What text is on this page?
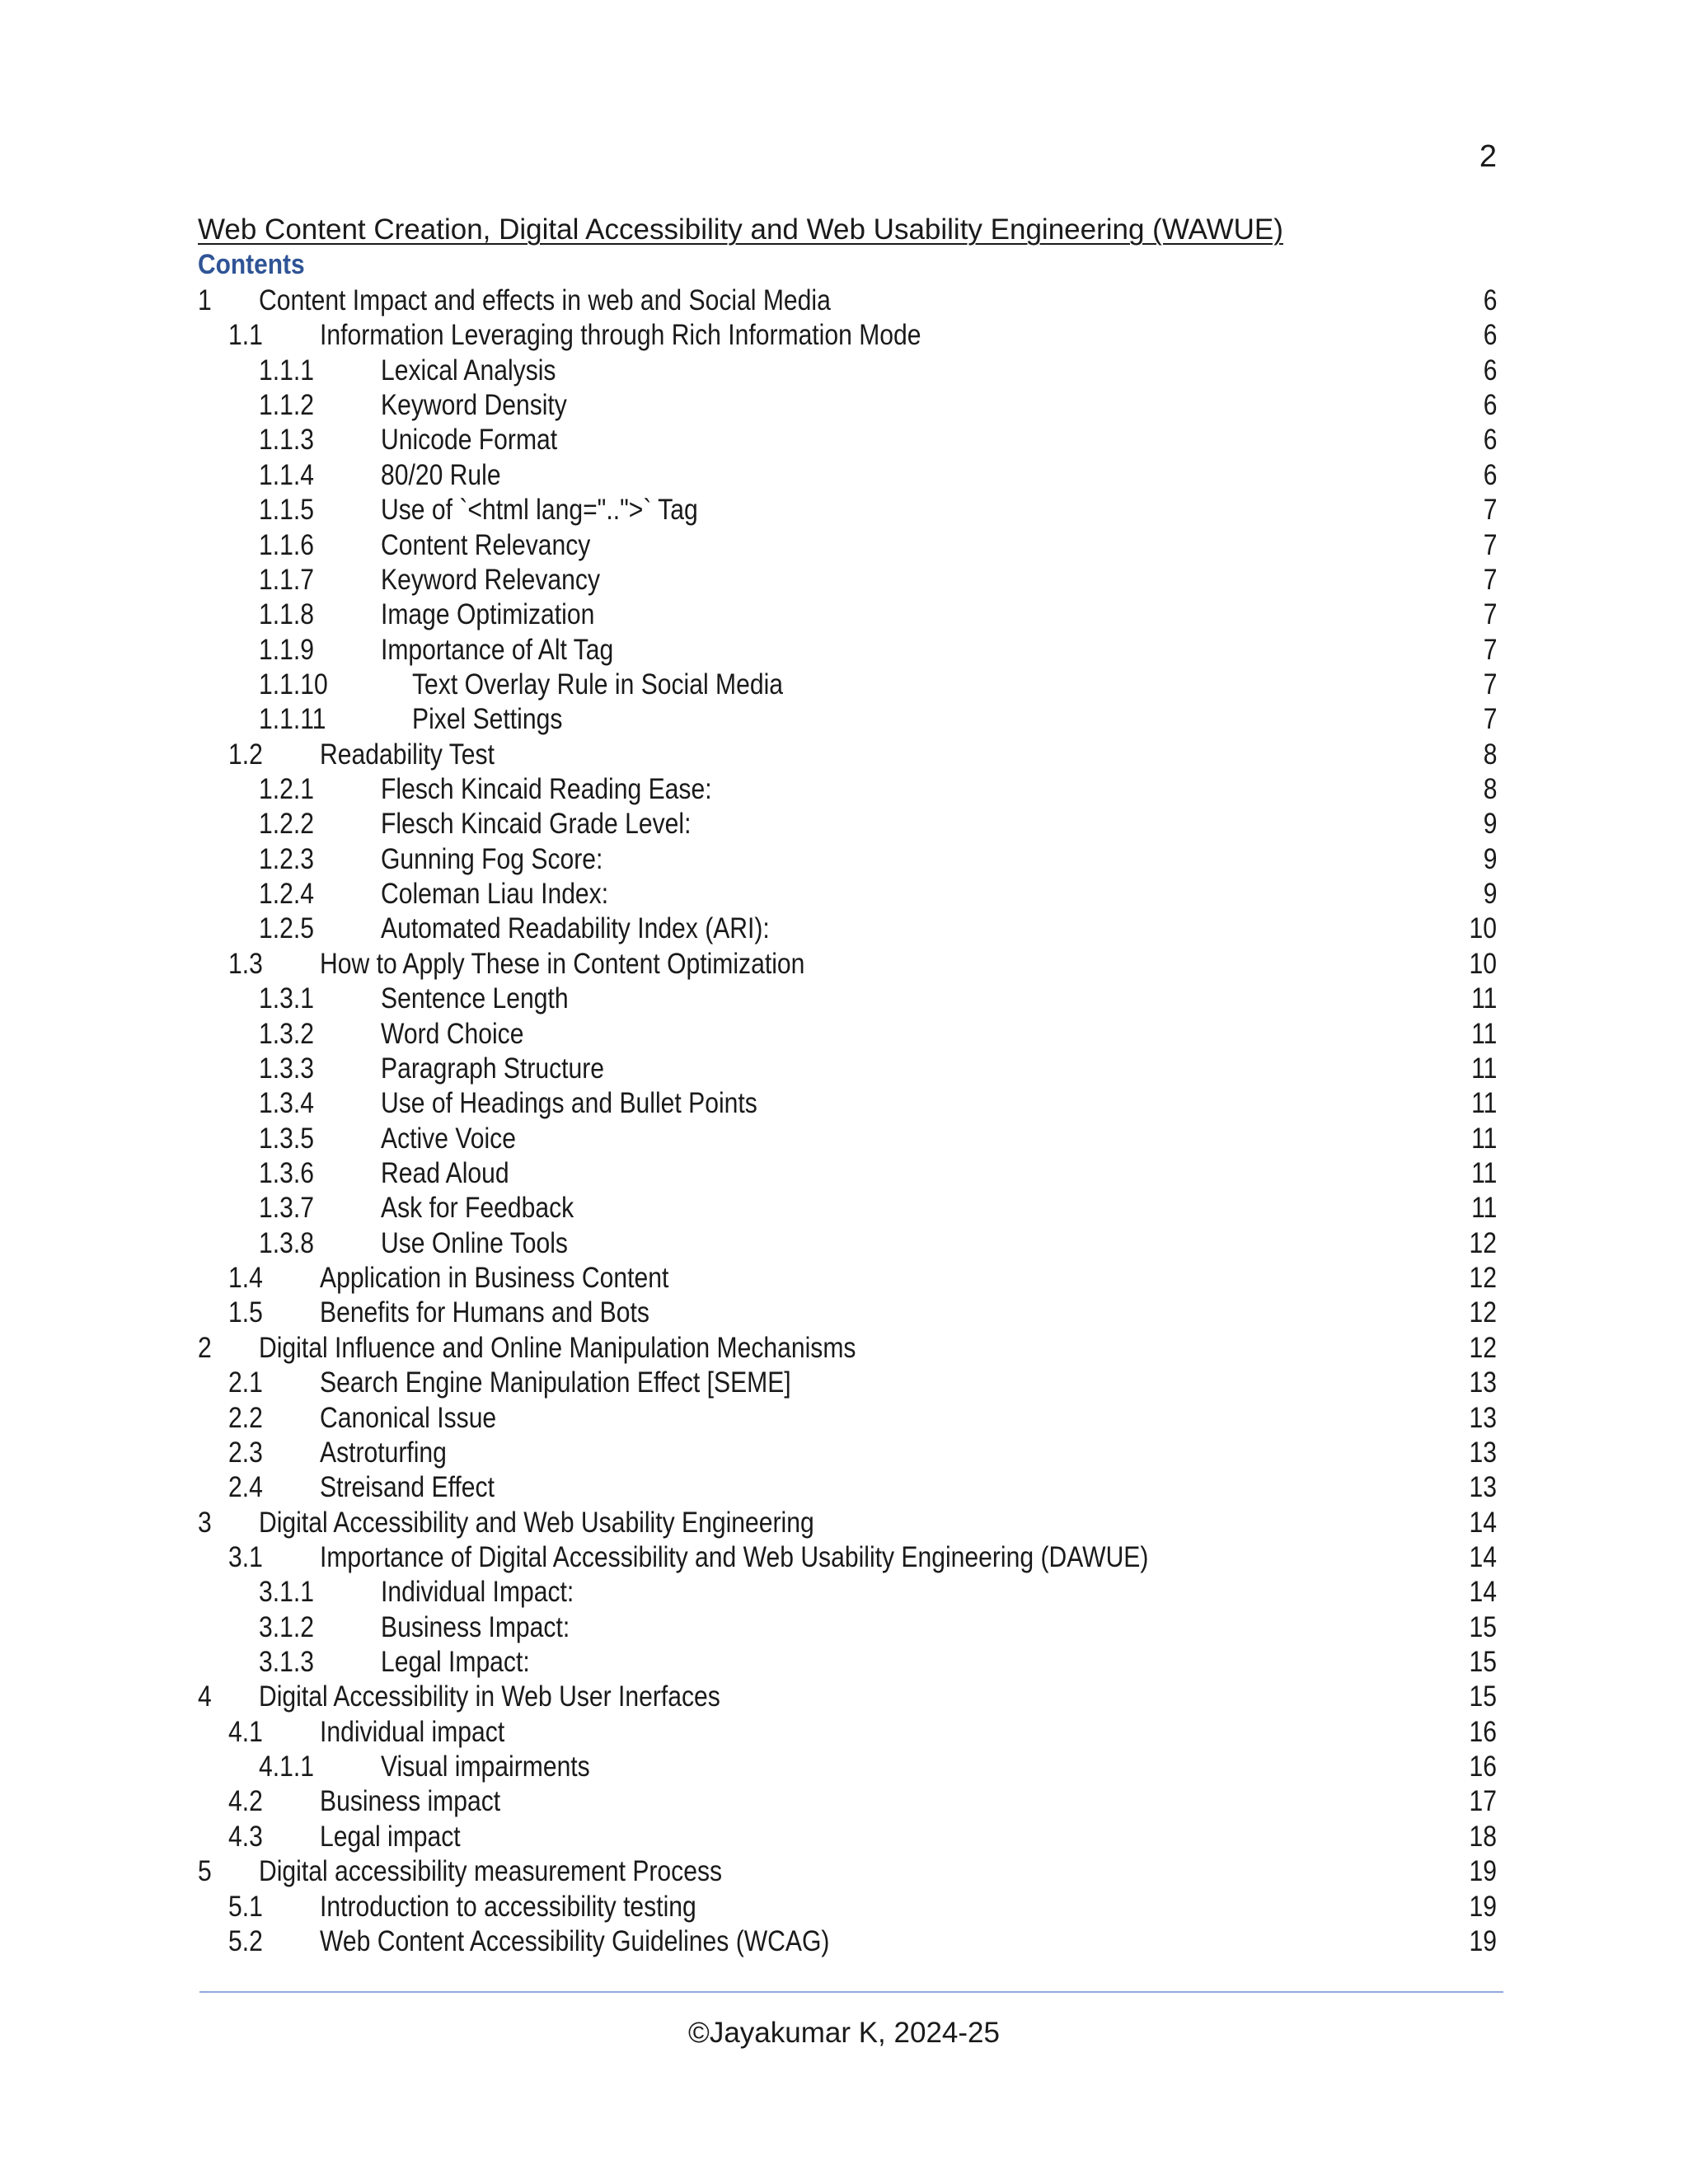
2
Web Content Creation, Digital Accessibility and Web Usability Engineering (WAWUE)
Contents
1 Content Impact and effects in web and Social Media	6
1.1 Information Leveraging through Rich Information Mode	6
1.1.1 Lexical Analysis	6
1.1.2 Keyword Density	6
1.1.3 Unicode Format	6
1.1.4 80/20 Rule	6
1.1.5 Use of `<html lang="..">` Tag	7
1.1.6 Content Relevancy	7
1.1.7 Keyword Relevancy	7
1.1.8 Image Optimization	7
1.1.9 Importance of Alt Tag	7
1.1.10	Text Overlay Rule in Social Media	7
1.1.11	Pixel Settings	7
1.2 Readability Test	8
1.2.1 Flesch Kincaid Reading Ease:	8
1.2.2 Flesch Kincaid Grade Level:	9
1.2.3 Gunning Fog Score:	9
1.2.4 Coleman Liau Index:	9
1.2.5 Automated Readability Index (ARI):	10
1.3 How to Apply These in Content Optimization	10
1.3.1 Sentence Length	11
1.3.2 Word Choice	11
1.3.3 Paragraph Structure	11
1.3.4 Use of Headings and Bullet Points	11
1.3.5 Active Voice	11
1.3.6 Read Aloud	11
1.3.7 Ask for Feedback	11
1.3.8 Use Online Tools	12
1.4 Application in Business Content	12
1.5 Benefits for Humans and Bots	12
2 Digital Influence and Online Manipulation Mechanisms	12
2.1 Search Engine Manipulation Effect [SEME]	13
2.2 Canonical Issue	13
2.3 Astroturfing	13
2.4 Streisand Effect	13
3 Digital Accessibility and Web Usability Engineering	14
3.1 Importance of Digital Accessibility and Web Usability Engineering (DAWUE)	14
3.1.1 Individual Impact:	14
3.1.2 Business Impact:	15
3.1.3 Legal Impact:	15
4 Digital Accessibility in Web User Inerfaces	15
4.1 Individual impact	16
4.1.1 Visual impairments	16
4.2 Business impact	17
4.3 Legal impact	18
5 Digital accessibility measurement Process	19
5.1 Introduction to accessibility testing	19
5.2 Web Content Accessibility Guidelines (WCAG)	19
©Jayakumar K, 2024-25
